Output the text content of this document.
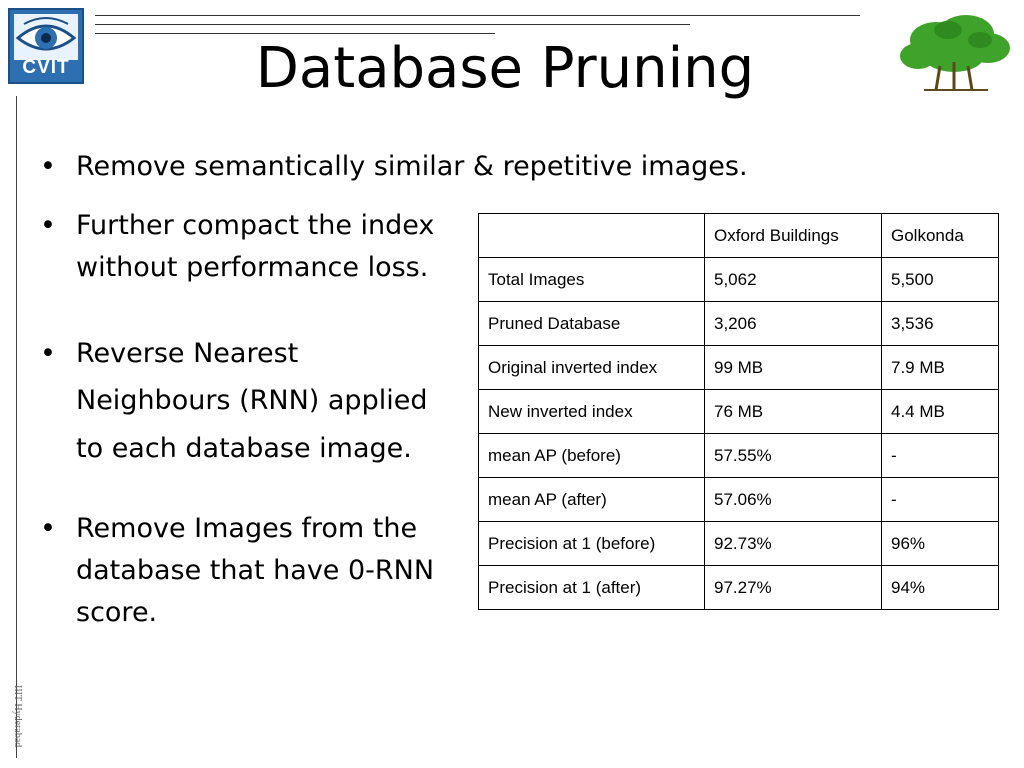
CVIT	Database Pruning
IIIT Hyderabad
• Remove semantically similar & repetitive images.
• Further compact the index without performance loss.
• Reverse Nearest Neighbours (RNN) applied to each database image.
• Remove Images from the database that have 0-RNN score.
	Oxford Buildings	Golkonda
Total Images	5,062	5,500
Pruned Database	3,206	3,536
Original inverted index	99 MB	7.9 MB
New inverted index	76 MB	4.4 MB
mean AP (before)	57.55%	-
mean AP (after)	57.06%	-
Precision at 1 (before)	92.73%	96%
Precision at 1 (after)	97.27%	94%
